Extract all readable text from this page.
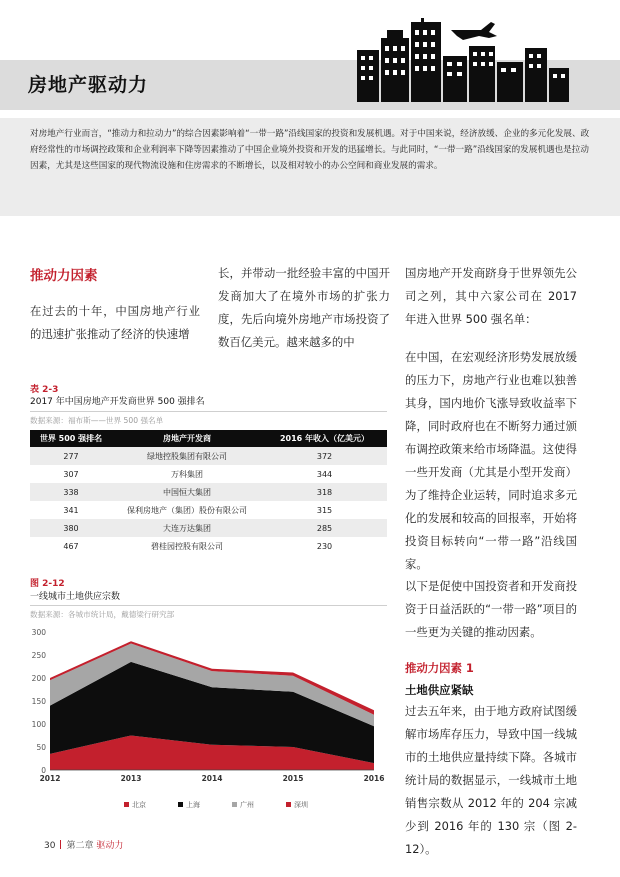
房地产驱动力
对房地产行业而言，“推动力和拉动力”的综合因素影响着“一带一路”沿线国家的投资和发展机遇。对于中国来说，经济放缓、企业的多元化发展、政府经常性的市场调控政策和企业利润率下降等因素推动了中国企业境外投资和开发的迅猛增长。与此同时，“一带一路”沿线国家的发展机遇也是拉动因素，尤其是这些国家的现代物流设施和住房需求的不断增长，以及相对较小的办公空间和商业发展的需求。
推动力因素
在过去的十年，中国房地产行业的迅速扩张推动了经济的快速增
长，并带动一批经验丰富的中国开发商加大了在境外市场的扩张力度，先后向境外房地产市场投资了数百亿美元。越来越多的中
国房地产开发商跻身于世界领先公司之列，其中六家公司在 2017 年进入世界 500 强名单：
在中国，在宏观经济形势发展放缓的压力下，房地产行业也难以独善其身，国内地价飞涨导致收益率下降，同时政府也在不断努力通过颁布调控政策来给市场降温。这使得一些开发商（尤其是小型开发商）为了维持企业运转，同时追求多元化的发展和较高的回报率，开始将投资目标转向“一带一路”沿线国家。
以下是促使中国投资者和开发商投资于日益活跃的“一带一路”项目的一些更为关键的推动因素。
推动力因素 1
土地供应紧缺
过去五年来，由于地方政府试图缓解市场库存压力，导致中国一线城市的土地供应量持续下降。各城市统计局的数据显示，一线城市土地销售宗数从 2012 年的 204 宗减少到 2016 年的 130 宗（图 2-12）。
表 2-3
2017 年中国房地产开发商世界 500 强排名
数据来源：福布斯——世界 500 强名单
世界 500 强排名	房地产开发商	2016 年收入（亿美元）
277	绿地控股集团有限公司	372
307	万科集团	344
338	中国恒大集团	318
341	保利房地产（集团）股份有限公司	315
380	大连万达集团	285
467	碧桂园控股有限公司	230
图 2-12
一线城市土地供应宗数
数据来源：各城市统计局，戴德梁行研究部
0
50
100
150
200
250
300
2012	2013	2014	2015	2016
北京	上海	广州	深圳
30 第二章 驱动力
